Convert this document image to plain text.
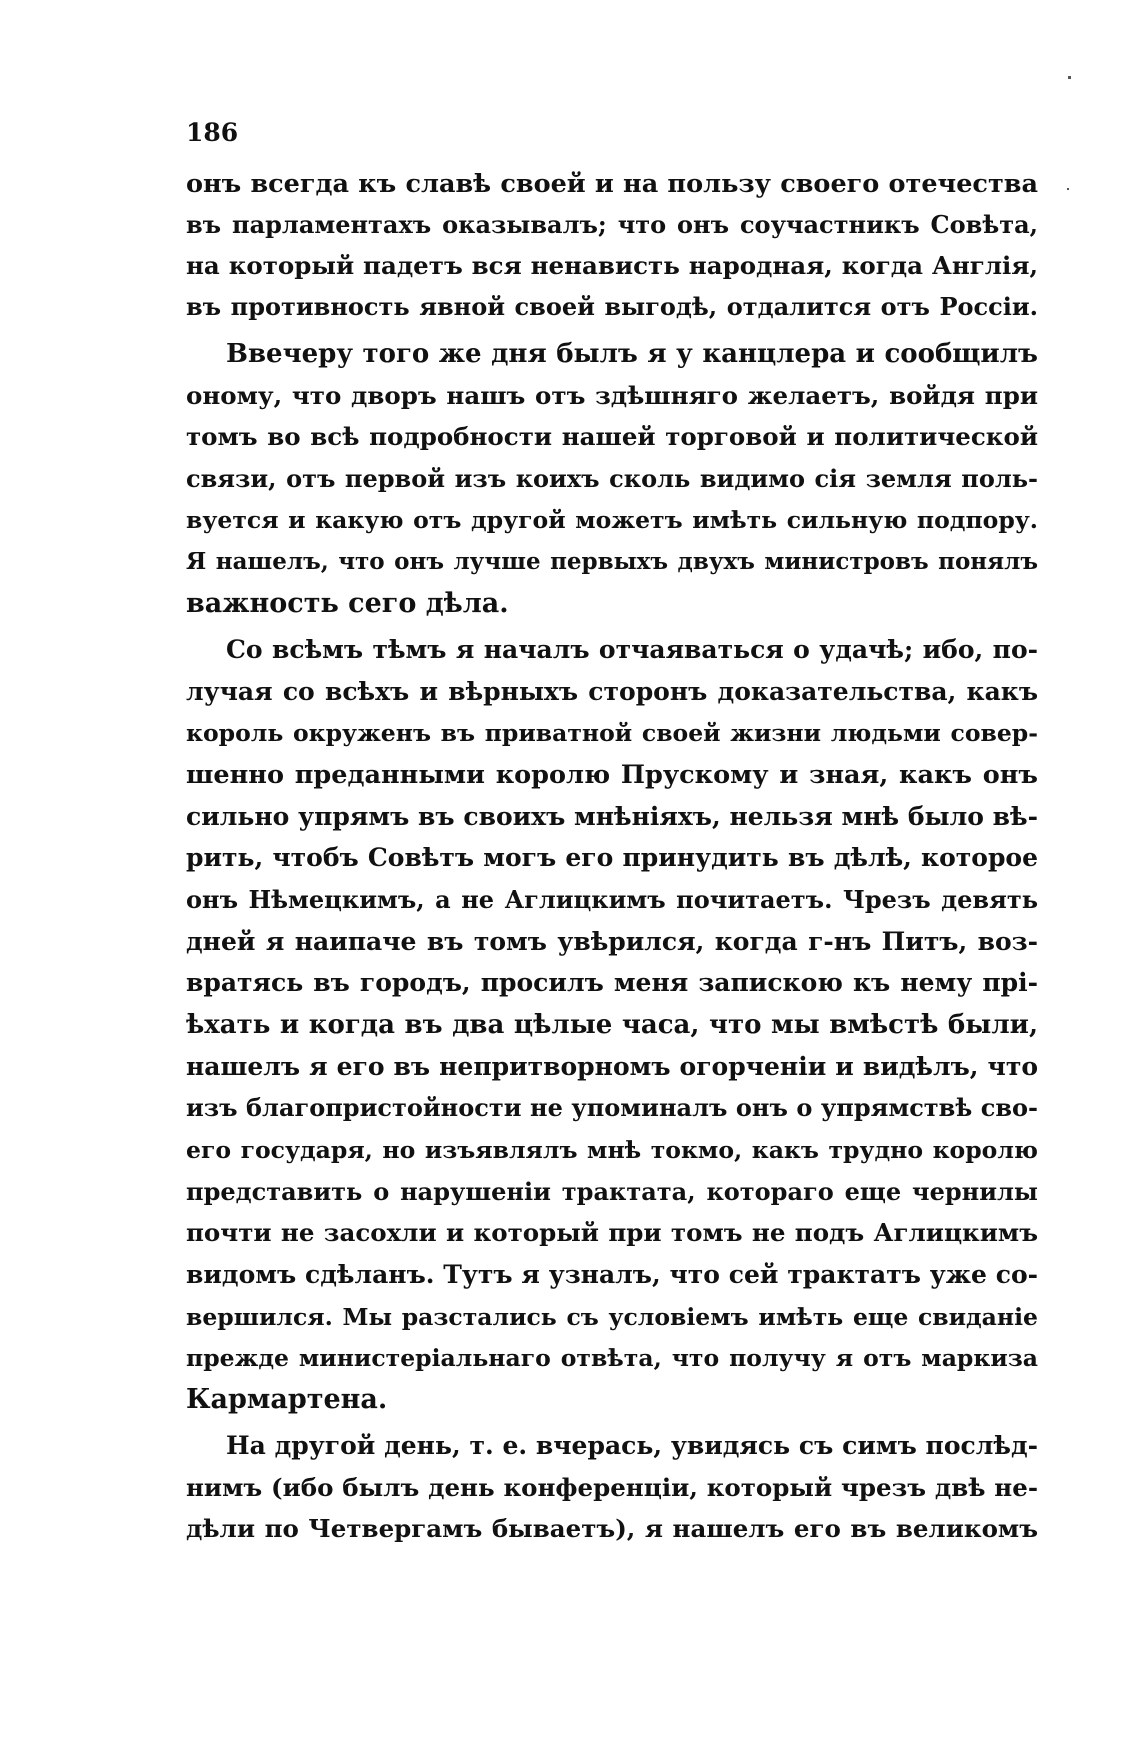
186
онъ всегда къ славѣ своей и на пользу своего отечества
въ парламентахъ оказывалъ; что онъ соучастникъ Совѣта,
на который падетъ вся ненависть народная, когда Англія,
въ противность явной своей выгодѣ, отдалится отъ Россіи.
Ввечеру того же дня былъ я у канцлера и сообщилъ
оному, что дворъ нашъ отъ здѣшняго желаетъ, войдя при
томъ во всѣ подробности нашей торговой и политической
связи, отъ первой изъ коихъ сколь видимо сія земля поль-
вуется и какую отъ другой можетъ имѣть сильную подпору.
Я нашелъ, что онъ лучше первыхъ двухъ министровъ понялъ
важность сего дѣла.
Со всѣмъ тѣмъ я началъ отчаяваться о удачѣ; ибо, по-
лучая со всѣхъ и вѣрныхъ сторонъ доказательства, какъ
король окруженъ въ приватной своей жизни людьми совер-
шенно преданными королю Прускому и зная, какъ онъ
сильно упрямъ въ своихъ мнѣніяхъ, нельзя мнѣ было вѣ-
рить, чтобъ Совѣтъ могъ его принудить въ дѣлѣ, которое
онъ Нѣмецкимъ, а не Аглицкимъ почитаетъ. Чрезъ девять
дней я наипаче въ томъ увѣрился, когда г-нъ Питъ, воз-
вратясь въ городъ, просилъ меня запискою къ нему прі-
ѣхать и когда въ два цѣлые часа, что мы вмѣстѣ были,
нашелъ я его въ непритворномъ огорченіи и видѣлъ, что
изъ благопристойности не упоминалъ онъ о упрямствѣ сво-
его государя, но изъявлялъ мнѣ токмо, какъ трудно королю
представить о нарушеніи трактата, котораго еще чернилы
почти не засохли и который при томъ не подъ Аглицкимъ
видомъ сдѣланъ. Тутъ я узналъ, что сей трактатъ уже со-
вершился. Мы разстались съ условіемъ имѣть еще свиданіе
прежде министеріальнаго отвѣта, что получу я отъ маркиза
Кармартена.
На другой день, т. е. вчерась, увидясь съ симъ послѣд-
нимъ (ибо былъ день конференціи, который чрезъ двѣ не-
дѣли по Четвергамъ бываетъ), я нашелъ его въ великомъ
